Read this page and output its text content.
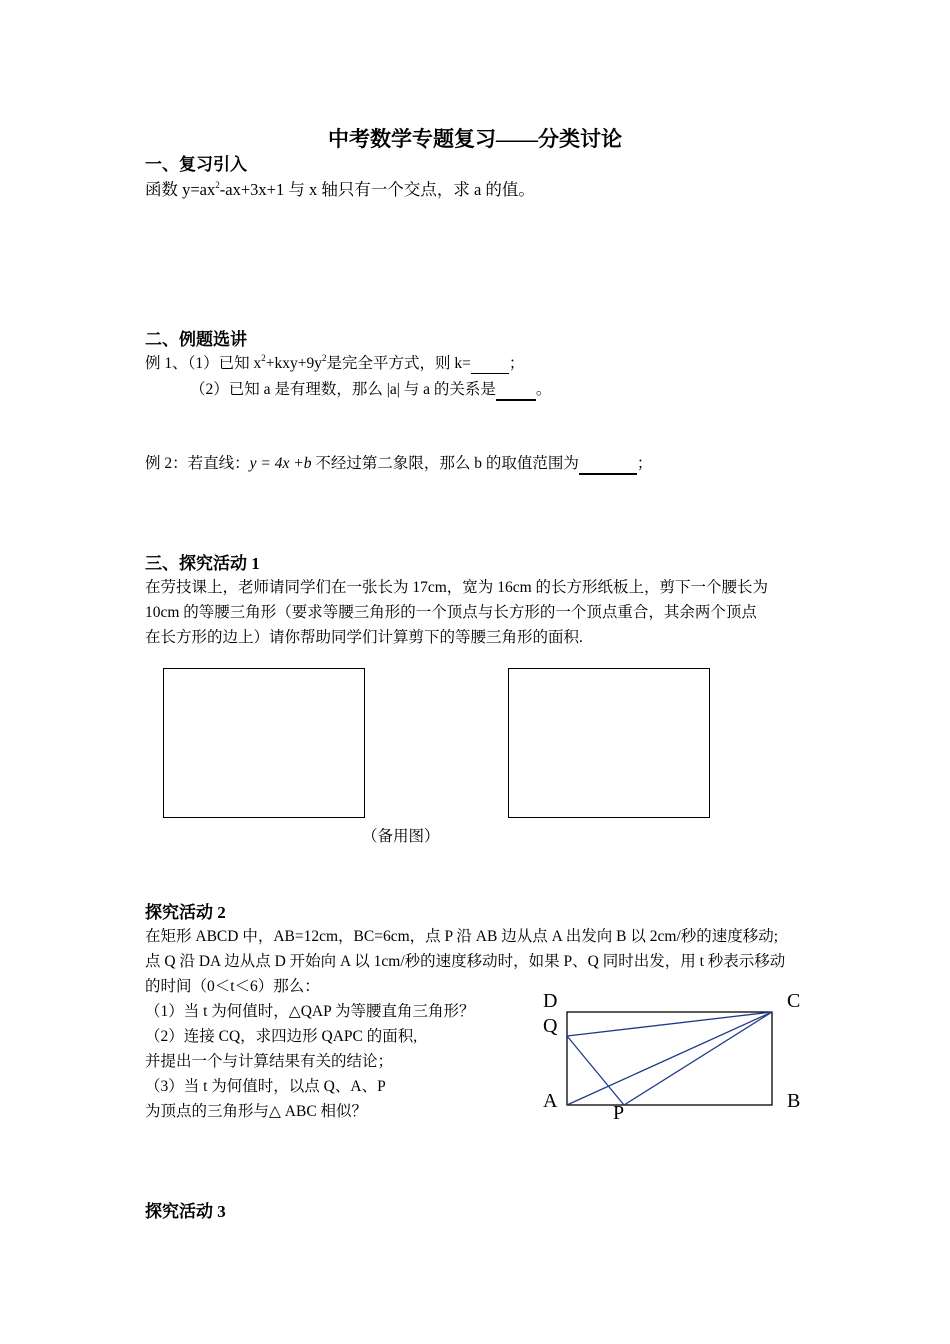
中考数学专题复习——分类讨论
一、复习引入
函数 $y=ax^2-ax+3x+1$ 与 x 轴只有一个交点，求 a 的值。
二、例题选讲
例 1、（1）已知 $x^2+kxy+9y^2$是完全平方式，则 k= ；
（2）已知 a 是有理数，那么 |a| 与 a 的关系是	。
例 2：若直线：y = 4x +b 不经过第二象限，那么 b 的取值范围为	；
三、探究活动 1
在劳技课上，老师请同学们在一张长为 17cm，宽为 16cm 的长方形纸板上，剪下一个腰长为
10cm 的等腰三角形（要求等腰三角形的一个顶点与长方形的一个顶点重合，其余两个顶点
在长方形的边上）请你帮助同学们计算剪下的等腰三角形的面积.
（备用图）
探究活动 2
在矩形 ABCD 中，AB=12cm，BC=6cm，点 P 沿 AB 边从点 A 出发向 B 以 2cm/秒的速度移动;
点 Q 沿 DA 边从点 D 开始向 A 以 1cm/秒的速度移动时，如果 P、Q 同时出发，用 t 秒表示移动
的时间（0＜t＜6）那么：
（1）当 t 为何值时，△QAP 为等腰直角三角形？
（2）连接 CQ，求四边形 QAPC 的面积,
并提出一个与计算结果有关的结论；
（3）当 t 为何值时，以点 Q、A、P
为顶点的三角形与△ ABC 相似？
D	C
Q
A	B
P
探究活动 3
